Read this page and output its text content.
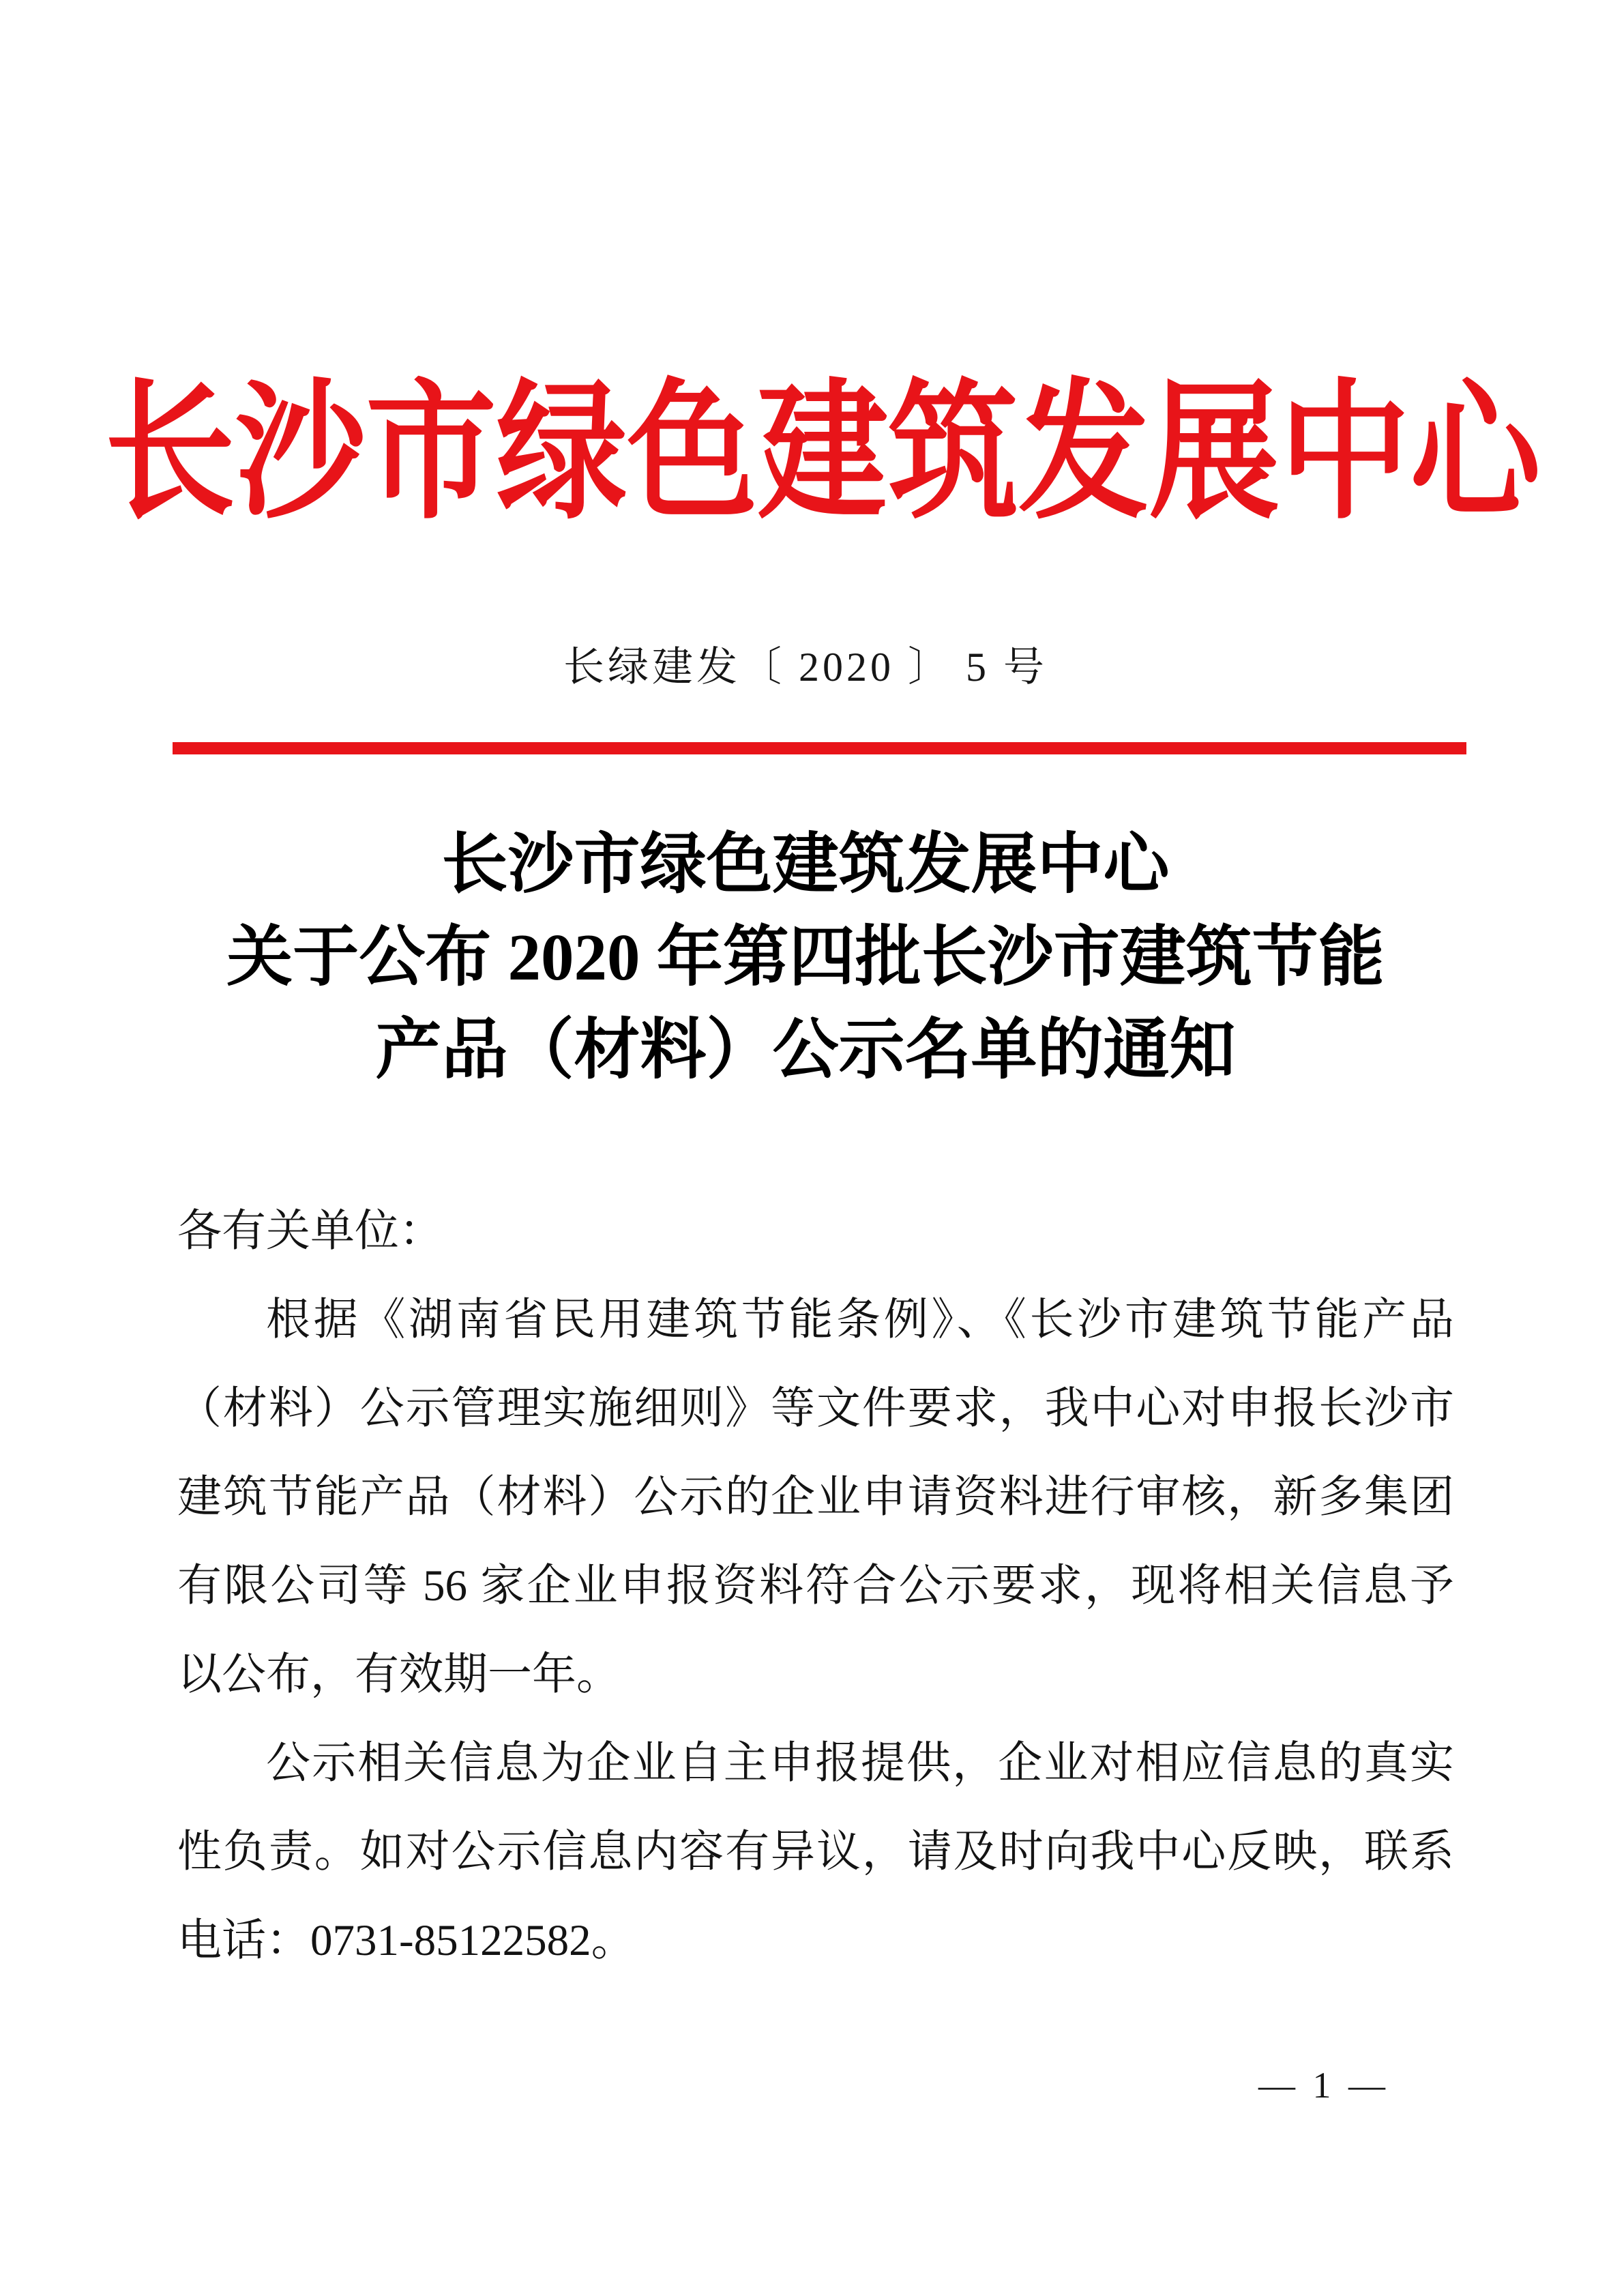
长沙市绿色建筑发展中心
长绿建发〔 2020 〕 5 号
长沙市绿色建筑发展中心
关于公布 2020 年第四批长沙市建筑节能
产品（材料）公示名单的通知
各有关单位：
根据《湖南省民用建筑节能条例》、《长沙市建筑节能产品
（材料）公示管理实施细则》等文件要求，我中心对申报长沙市
建筑节能产品（材料）公示的企业申请资料进行审核，新多集团
有限公司等 56 家企业申报资料符合公示要求，现将相关信息予
以公布，有效期一年。
公示相关信息为企业自主申报提供，企业对相应信息的真实
性负责。如对公示信息内容有异议，请及时向我中心反映，联系
电话：0731-85122582。
— 1 —
